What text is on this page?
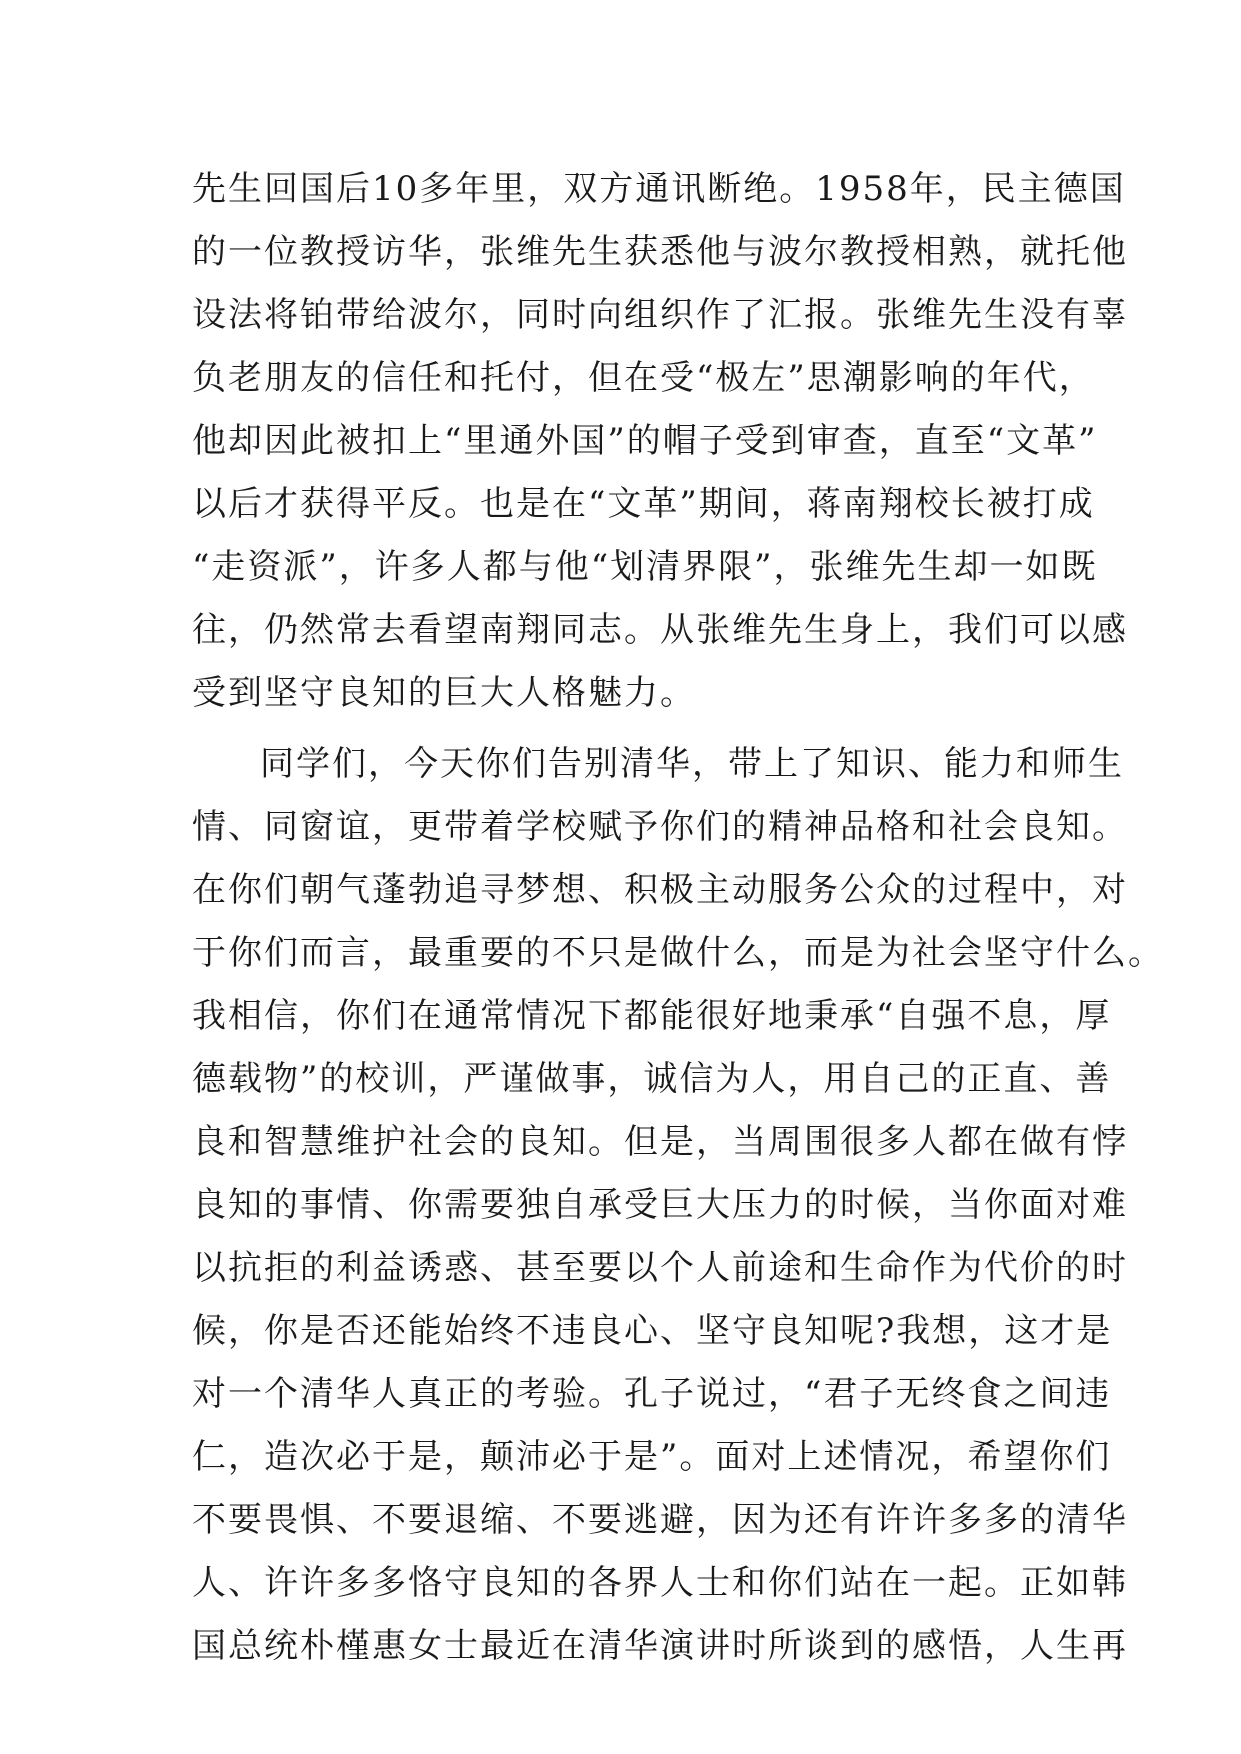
先生回国后10多年里，双方通讯断绝。1958年，民主德国
的一位教授访华，张维先生获悉他与波尔教授相熟，就托他
设法将铂带给波尔，同时向组织作了汇报。张维先生没有辜
负老朋友的信任和托付，但在受“极左”思潮影响的年代，
他却因此被扣上“里通外国”的帽子受到审查，直至“文革”
以后才获得平反。也是在“文革”期间，蒋南翔校长被打成
“走资派”，许多人都与他“划清界限”，张维先生却一如既
往，仍然常去看望南翔同志。从张维先生身上，我们可以感
受到坚守良知的巨大人格魅力。
同学们，今天你们告别清华，带上了知识、能力和师生
情、同窗谊，更带着学校赋予你们的精神品格和社会良知。
在你们朝气蓬勃追寻梦想、积极主动服务公众的过程中，对
于你们而言，最重要的不只是做什么，而是为社会坚守什么。
我相信，你们在通常情况下都能很好地秉承“自强不息，厚
德载物”的校训，严谨做事，诚信为人，用自己的正直、善
良和智慧维护社会的良知。但是，当周围很多人都在做有悖
良知的事情、你需要独自承受巨大压力的时候，当你面对难
以抗拒的利益诱惑、甚至要以个人前途和生命作为代价的时
候，你是否还能始终不违良心、坚守良知呢?我想，这才是
对一个清华人真正的考验。孔子说过，“君子无终食之间违
仁，造次必于是，颠沛必于是”。面对上述情况，希望你们
不要畏惧、不要退缩、不要逃避，因为还有许许多多的清华
人、许许多多恪守良知的各界人士和你们站在一起。正如韩
国总统朴槿惠女士最近在清华演讲时所谈到的感悟，人生再
